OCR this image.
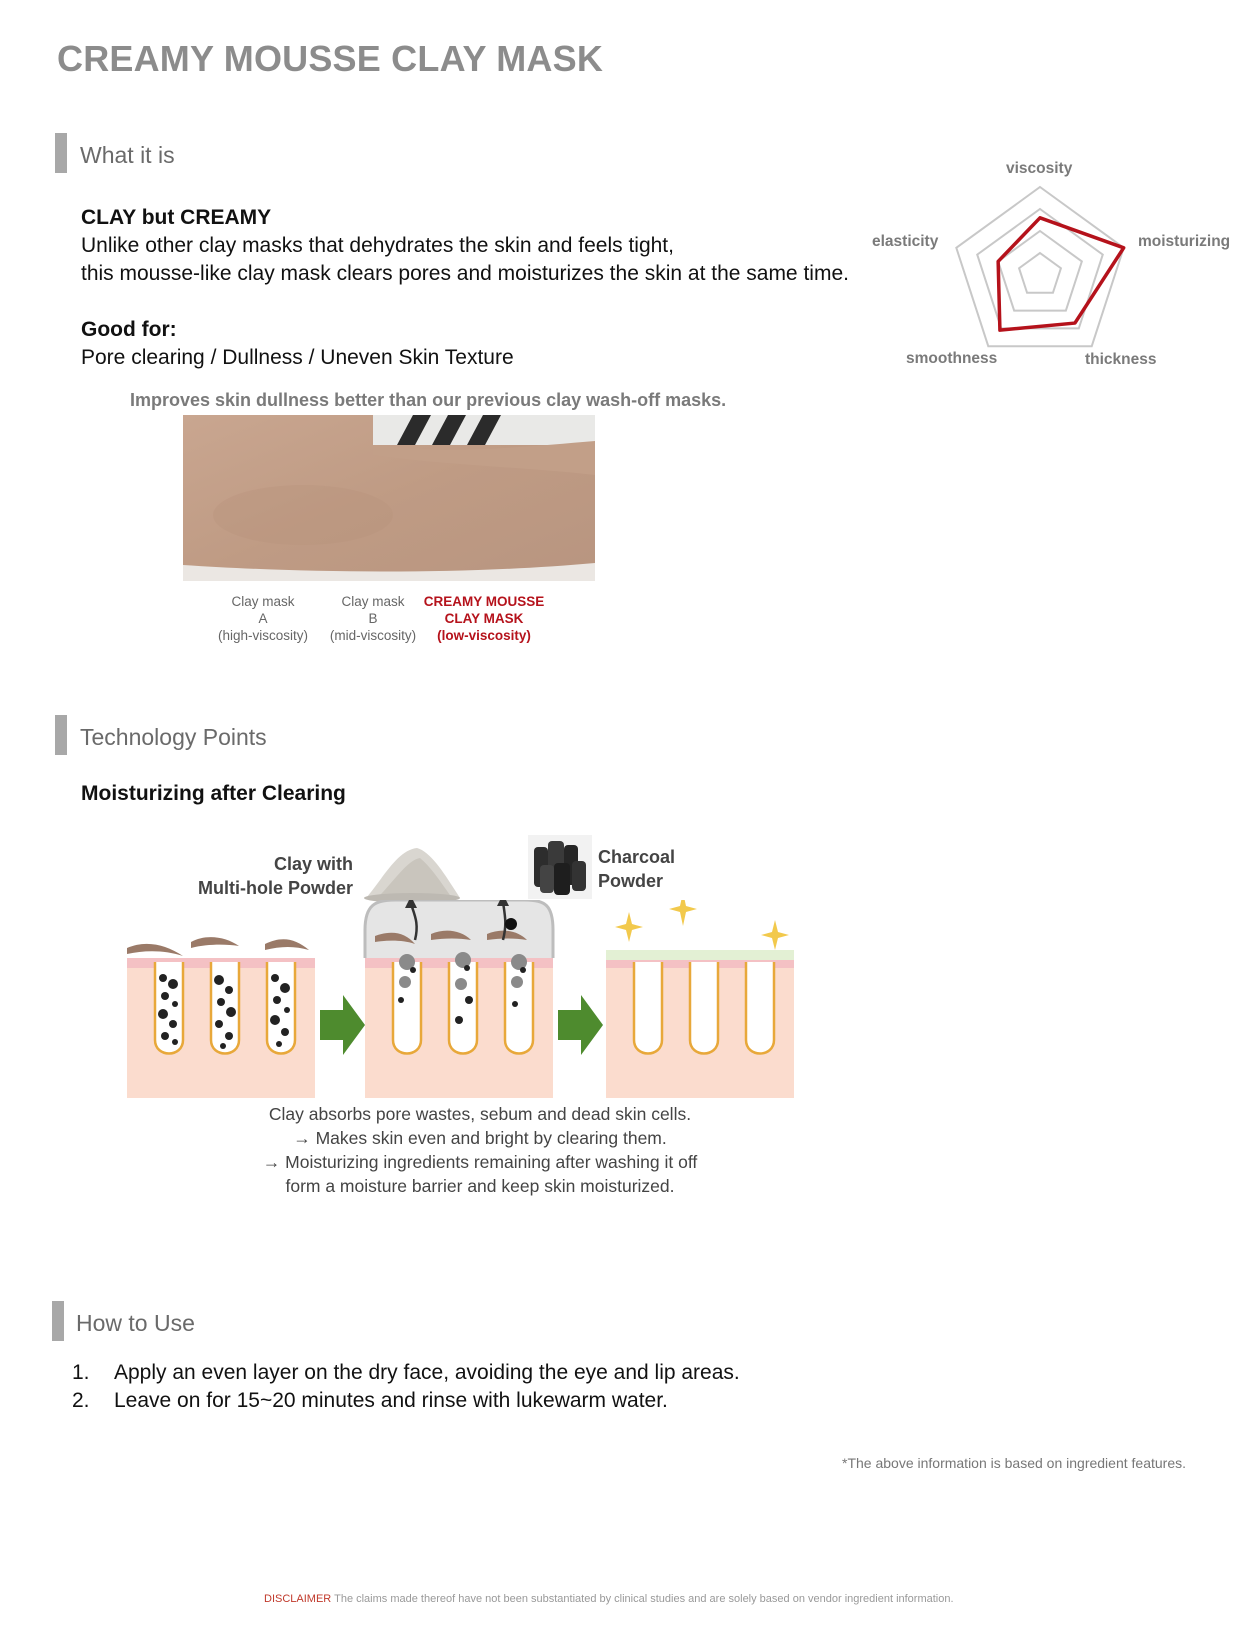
CREAMY MOUSSE CLAY MASK
What it is
CLAY but CREAMY
Unlike other clay masks that dehydrates the skin and feels tight,
this mousse-like clay mask clears pores and moisturizes the skin at the same time.
Good for:
Pore clearing / Dullness / Uneven Skin Texture
Improves skin dullness better than our previous clay wash-off masks.
Clay mask
A
(high-viscosity)
Clay mask
B
(mid-viscosity)
CREAMY MOUSSE
CLAY MASK
(low-viscosity)
viscosity
moisturizing
thickness
smoothness
elasticity
Technology Points
Moisturizing after Clearing
Clay with
Multi-hole Powder
Charcoal
Powder
Clay absorbs pore wastes, sebum and dead skin cells.
→ Makes skin even and bright by clearing them.
→ Moisturizing ingredients remaining after washing it off
form a moisture barrier and keep skin moisturized.
How to Use
1. Apply an even layer on the dry face, avoiding the eye and lip areas.
2. Leave on for 15~20 minutes and rinse with lukewarm water.
*The above information is based on ingredient features.
DISCLAIMER The claims made thereof have not been substantiated by clinical studies and are solely based on vendor ingredient information.
